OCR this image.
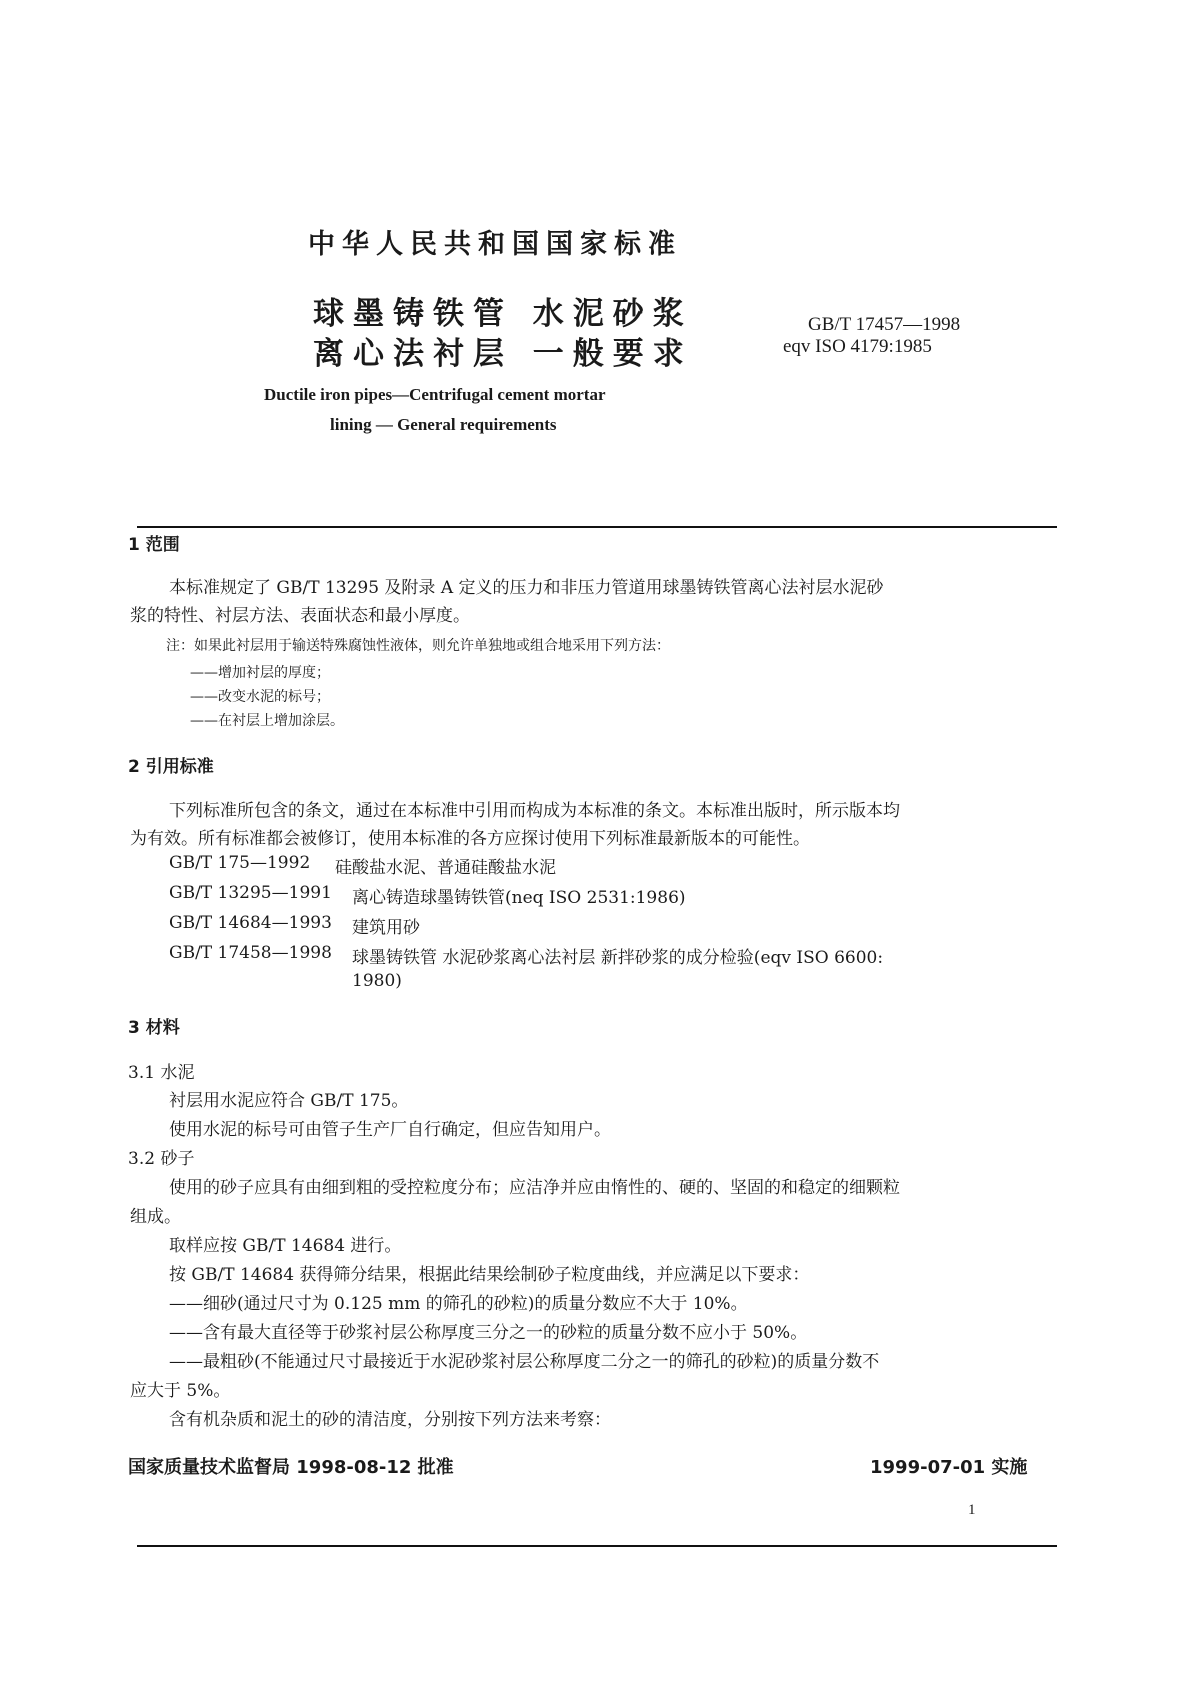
中华人民共和国国家标准
球墨铸铁管 水泥砂浆
离心法衬层 一般要求
GB/T 17457—1998
eqv ISO 4179:1985
Ductile iron pipes—Centrifugal cement mortar
lining — General requirements
1 范围
本标准规定了 GB/T 13295 及附录 A 定义的压力和非压力管道用球墨铸铁管离心法衬层水泥砂
浆的特性、衬层方法、表面状态和最小厚度。
注：如果此衬层用于输送特殊腐蚀性液体，则允许单独地或组合地采用下列方法：
——增加衬层的厚度；
——改变水泥的标号；
——在衬层上增加涂层。
2 引用标准
下列标准所包含的条文，通过在本标准中引用而构成为本标准的条文。本标准出版时，所示版本均
为有效。所有标准都会被修订，使用本标准的各方应探讨使用下列标准最新版本的可能性。
GB/T 175—1992 硅酸盐水泥、普通硅酸盐水泥
GB/T 13295—1991 离心铸造球墨铸铁管(neq ISO 2531:1986)
GB/T 14684—1993 建筑用砂
GB/T 17458—1998 球墨铸铁管 水泥砂浆离心法衬层 新拌砂浆的成分检验(eqv ISO 6600:
1980)
3 材料
3.1 水泥
衬层用水泥应符合 GB/T 175。
使用水泥的标号可由管子生产厂自行确定，但应告知用户。
3.2 砂子
使用的砂子应具有由细到粗的受控粒度分布；应洁净并应由惰性的、硬的、坚固的和稳定的细颗粒
组成。
取样应按 GB/T 14684 进行。
按 GB/T 14684 获得筛分结果，根据此结果绘制砂子粒度曲线，并应满足以下要求：
——细砂(通过尺寸为 0.125 mm 的筛孔的砂粒)的质量分数应不大于 10%。
——含有最大直径等于砂浆衬层公称厚度三分之一的砂粒的质量分数不应小于 50%。
——最粗砂(不能通过尺寸最接近于水泥砂浆衬层公称厚度二分之一的筛孔的砂粒)的质量分数不
应大于 5%。
含有机杂质和泥土的砂的清洁度，分别按下列方法来考察：
国家质量技术监督局 1998-08-12 批准	1999-07-01 实施
1
